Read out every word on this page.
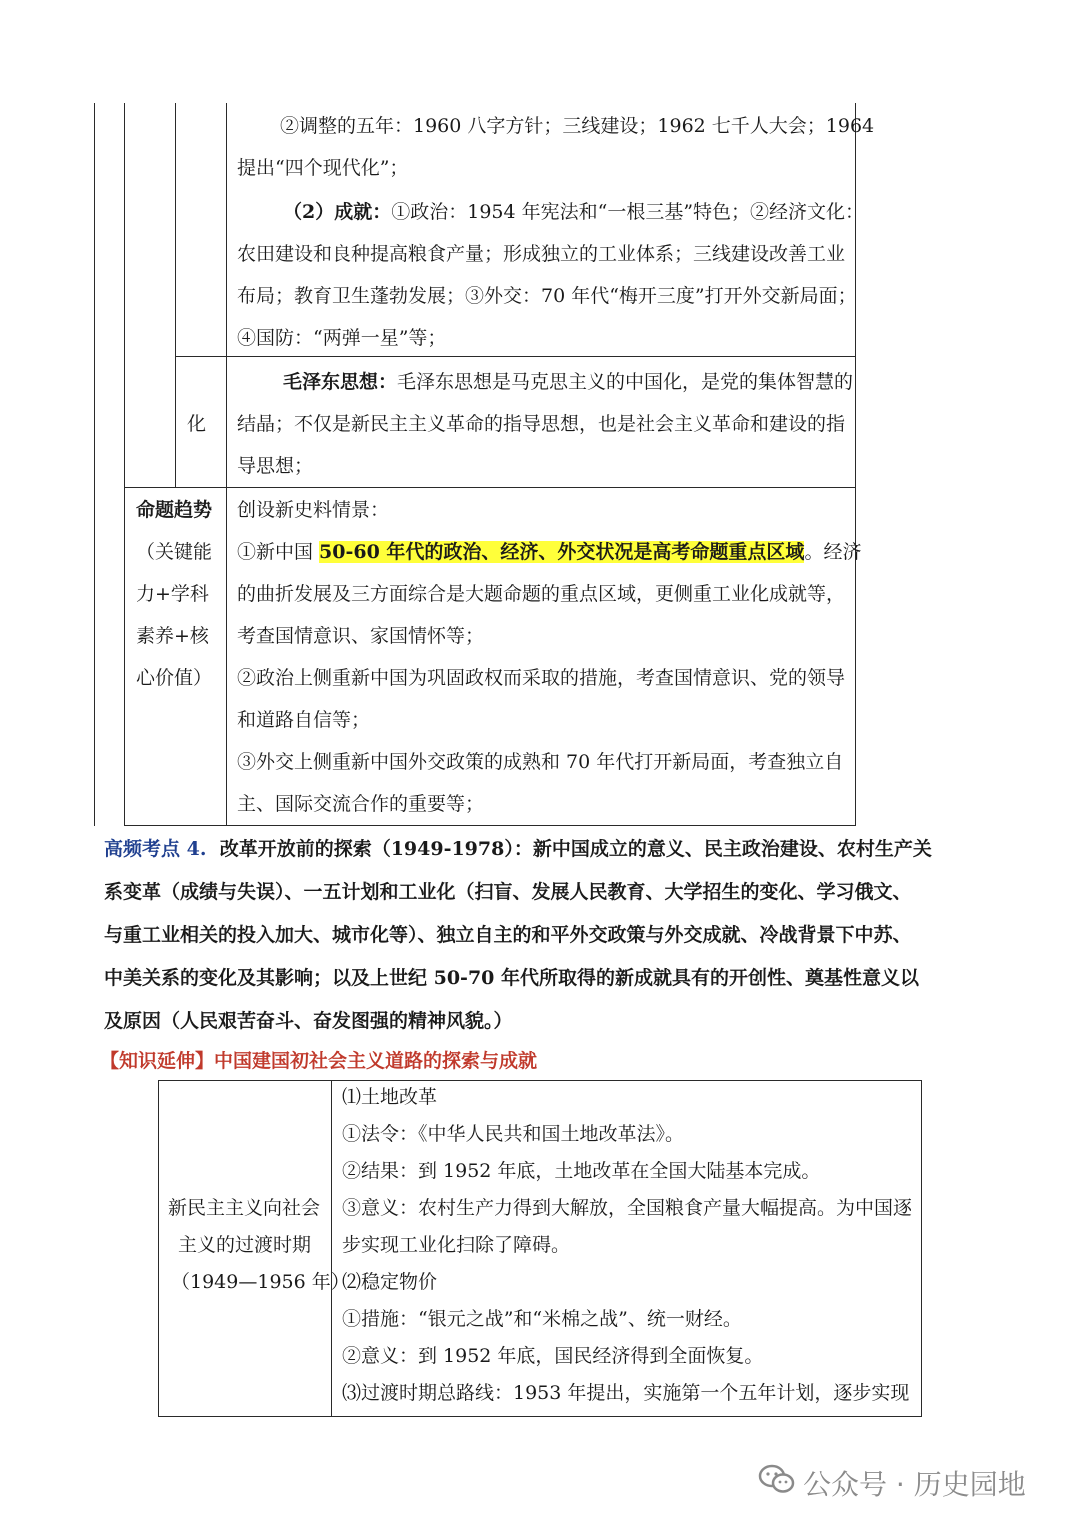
②调整的五年：1960 八字方针；三线建设；1962 七千人大会；1964
提出“四个现代化”；
（2）成就：①政治：1954 年宪法和“一根三基”特色；②经济文化：
农田建设和良种提高粮食产量；形成独立的工业体系；三线建设改善工业
布局；教育卫生蓬勃发展；③外交：70 年代“梅开三度”打开外交新局面；
④国防：“两弹一星”等；
化
毛泽东思想：毛泽东思想是马克思主义的中国化，是党的集体智慧的
结晶；不仅是新民主主义革命的指导思想，也是社会主义革命和建设的指
导思想；
命题趋势
（关键能
力+学科
素养+核
心价值）
创设新史料情景：
①新中国 50-60 年代的政治、经济、外交状况是高考命题重点区域。经济
的曲折发展及三方面综合是大题命题的重点区域，更侧重工业化成就等，
考查国情意识、家国情怀等；
②政治上侧重新中国为巩固政权而采取的措施，考查国情意识、党的领导
和道路自信等；
③外交上侧重新中国外交政策的成熟和 70 年代打开新局面，考查独立自
主、国际交流合作的重要等；
高频考点 4. 改革开放前的探索（1949-1978）：新中国成立的意义、民主政治建设、农村生产关
系变革（成绩与失误）、一五计划和工业化（扫盲、发展人民教育、大学招生的变化、学习俄文、
与重工业相关的投入加大、城市化等）、独立自主的和平外交政策与外交成就、冷战背景下中苏、
中美关系的变化及其影响；以及上世纪 50-70 年代所取得的新成就具有的开创性、奠基性意义以
及原因（人民艰苦奋斗、奋发图强的精神风貌。）
【知识延伸】中国建国初社会主义道路的探索与成就
新民主主义向社会
主义的过渡时期
（1949—1956 年）
⑴土地改革
①法令：《中华人民共和国土地改革法》。
②结果：到 1952 年底，土地改革在全国大陆基本完成。
③意义：农村生产力得到大解放，全国粮食产量大幅提高。为中国逐
步实现工业化扫除了障碍。
⑵稳定物价
①措施：“银元之战”和“米棉之战”、统一财经。
②意义：到 1952 年底，国民经济得到全面恢复。
⑶过渡时期总路线：1953 年提出，实施第一个五年计划，逐步实现
公众号 · 历史园地
